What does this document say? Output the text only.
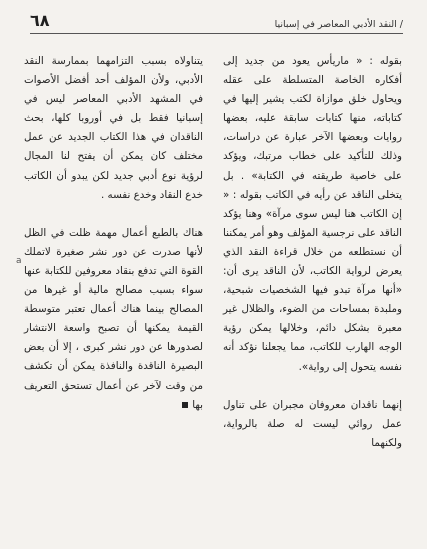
/ النقد الأدبي المعاصر في إسبانيا
٦٨

بقوله : « ماريأس يعود من جديد إلى أفكاره الخاصة المتسلطة على عقله ويحاول خلق موازاة لكتب يشير إليها في كتاباته، منها كتابات سابقة عليه، بعضها روايات وبعضها الآخر عبارة عن دراسات، وذلك للتأكيد على خطاب مرتبك، ويؤكد على خاصية طريقته في الكتابة» . بل يتخلى الناقد عن رأيه في الكاتب بقوله : « إن الكاتب هنا ليس سوى مرآة» وهنا يؤكد الناقد على نرجسية المؤلف وهو أمر يمكننا أن نستطلعه من خلال قراءة النقد الذي يعرض لرواية الكاتب، لأن الناقد يرى أن: «أنها مرآة تبدو فيها الشخصيات شبحية، وملبدة بمساحات من الضوء، والظلال غير معبرة بشكل دائم، وخلالها يمكن رؤية الوجه الهارب للكاتب، مما يجعلنا نؤكد أنه نفسه يتحول إلى رواية».

إنهما ناقدان معروفان مجبران على تناول عمل روائي ليست له صلة بالرواية، ولكنهما

يتناولاه بسبب التزامهما بممارسة النقد الأدبي، ولأن المؤلف أحد أفضل الأصوات في المشهد الأدبي المعاصر ليس في إسبانيا فقط بل في أوروبا كلها، بحث الناقدان في هذا الكتاب الجديد عن عمل مختلف كان يمكن أن يفتح لنا المجال لرؤية نوع أدبي جديد لكن يبدو أن الكاتب خدع النقاد وخدع نفسه .

هناك بالطبع أعمال مهمة ظلت في الظل لأنها صدرت عن دور نشر صغيرة لاتملك القوة التي تدفع بنقاد معروفين للكتابة عنها سواء بسبب مصالح مالية أو غيرها من المصالح بينما هناك أعمال تعتبر متوسطة القيمة يمكنها أن تصبح واسعة الانتشار لصدورها عن دور نشر كبرى ، إلا أن بعض البصيرة الناقدة والنافذة يمكن أن تكشف من وقت لآخر عن أعمال تستحق التعريف بها

a
